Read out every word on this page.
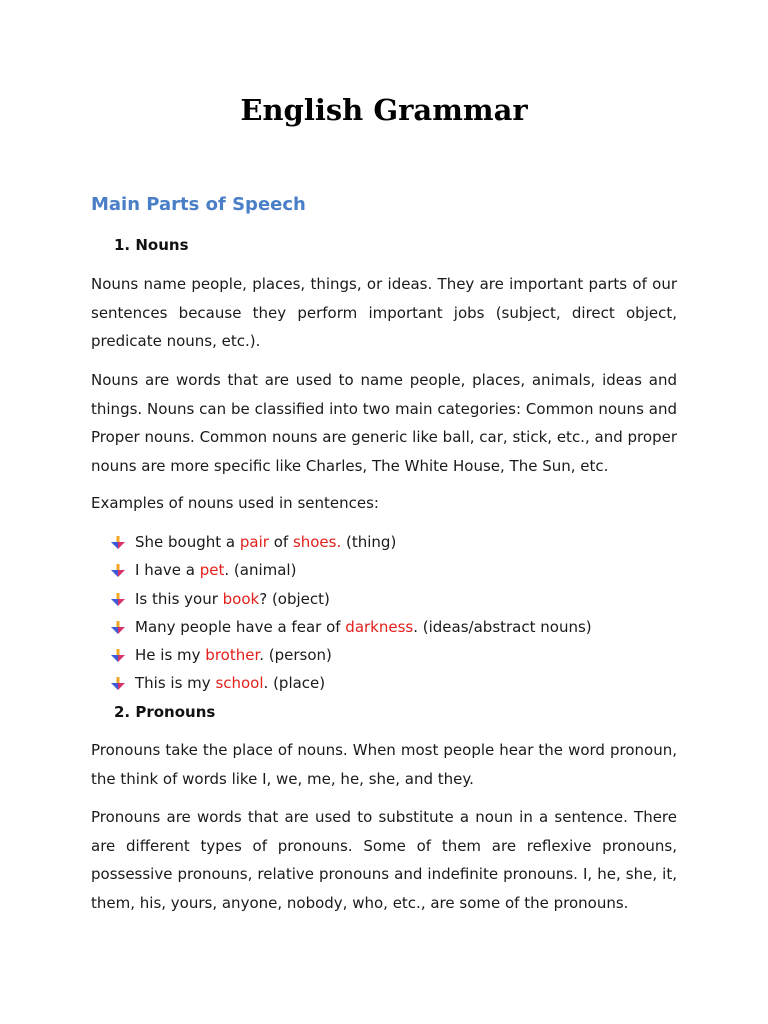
English Grammar
Main Parts of Speech
1. Nouns

Nouns name people, places, things, or ideas. They are important parts of our sentences because they perform important jobs (subject, direct object, predicate nouns, etc.).

Nouns are words that are used to name people, places, animals, ideas and things. Nouns can be classified into two main categories: Common nouns and Proper nouns. Common nouns are generic like ball, car, stick, etc., and proper nouns are more specific like Charles, The White House, The Sun, etc.

Examples of nouns used in sentences:

She bought a pair of shoes. (thing)
I have a pet. (animal)
Is this your book? (object)
Many people have a fear of darkness. (ideas/abstract nouns)
He is my brother. (person)
This is my school. (place)
2. Pronouns

Pronouns take the place of nouns. When most people hear the word pronoun, the think of words like I, we, me, he, she, and they.

Pronouns are words that are used to substitute a noun in a sentence. There are different types of pronouns. Some of them are reflexive pronouns, possessive pronouns, relative pronouns and indefinite pronouns. I, he, she, it, them, his, yours, anyone, nobody, who, etc., are some of the pronouns.
